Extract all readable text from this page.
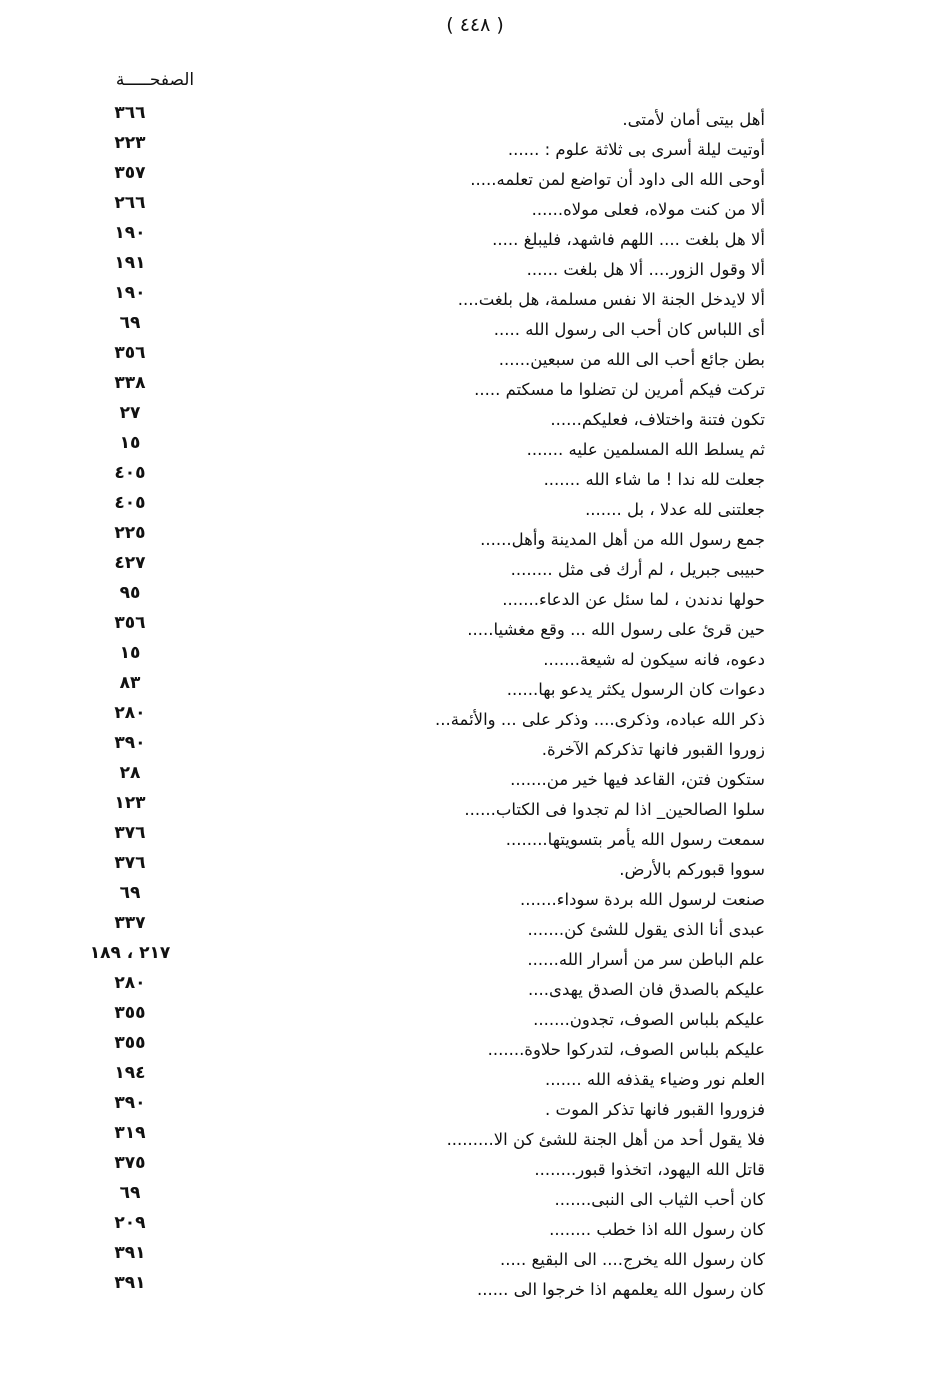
( ٤٤٨ )
الصفحـــــة
أهل بيتى أمان لأمتى.
٣٦٦
أوتيت ليلة أسرى بى ثلاثة علوم : ......
٢٢٣
أوحى الله الى داود أن تواضع لمن تعلمه.....
٣٥٧
ألا من كنت مولاه، فعلى مولاه......
٢٦٦
ألا هل بلغت .... اللهم فاشهد، فليبلغ .....
١٩٠
ألا وقول الزور.... ألا هل بلغت ......
١٩١
ألا لايدخل الجنة الا نفس مسلمة، هل بلغت....
١٩٠
أى اللباس كان أحب الى رسول الله .....
٦٩
بطن جائع أحب الى الله من سبعين......
٣٥٦
تركت فيكم أمرين لن تضلوا ما مسكتم .....
٣٣٨
تكون فتنة واختلاف، فعليكم......
٢٧
ثم يسلط الله المسلمين عليه .......
١٥
جعلت لله ندا ! ما شاء الله .......
٤٠٥
جعلتنى لله عدلا ، بل .......
٤٠٥
جمع رسول الله من أهل المدينة وأهل......
٢٢٥
حبيبى جبريل ، لم أرك فى مثل ........
٤٢٧
حولها ندندن ، لما سئل عن الدعاء.......
٩٥
حين قرئ على رسول الله ... وقع مغشيا.....
٣٥٦
دعوه، فانه سيكون له شيعة.......
١٥
دعوات كان الرسول يكثر يدعو بها......
٨٣
ذكر الله عباده، وذكرى.... وذكر على ... والأئمة...
٢٨٠
زوروا القبور فانها تذكركم الآخرة.
٣٩٠
ستكون فتن، القاعد فيها خير من.......
٢٨
سلوا الصالحين_ اذا لم تجدوا فى الكتاب......
١٢٣
سمعت رسول الله يأمر بتسويتها........
٣٧٦
سووا قبوركم بالأرض.
٣٧٦
صنعت لرسول الله بردة سوداء.......
٦٩
عبدى أنا الذى يقول للشئ كن.......
٣٣٧
علم الباطن سر من أسرار الله......
٢١٧ ، ١٨٩
عليكم بالصدق فان الصدق يهدى....
٢٨٠
عليكم بلباس الصوف، تجدون.......
٣٥٥
عليكم بلباس الصوف، لتدركوا حلاوة.......
٣٥٥
العلم نور وضياء يقذفه الله .......
١٩٤
فزوروا القبور فانها تذكر الموت .
٣٩٠
فلا يقول أحد من أهل الجنة للشئ كن الا.........
٣١٩
قاتل الله اليهود، اتخذوا قبور........
٣٧٥
كان أحب الثياب الى النبى.......
٦٩
كان رسول الله اذا خطب ........
٢٠٩
كان رسول الله يخرج.... الى البقيع .....
٣٩١
كان رسول الله يعلمهم اذا خرجوا الى ......
٣٩١
